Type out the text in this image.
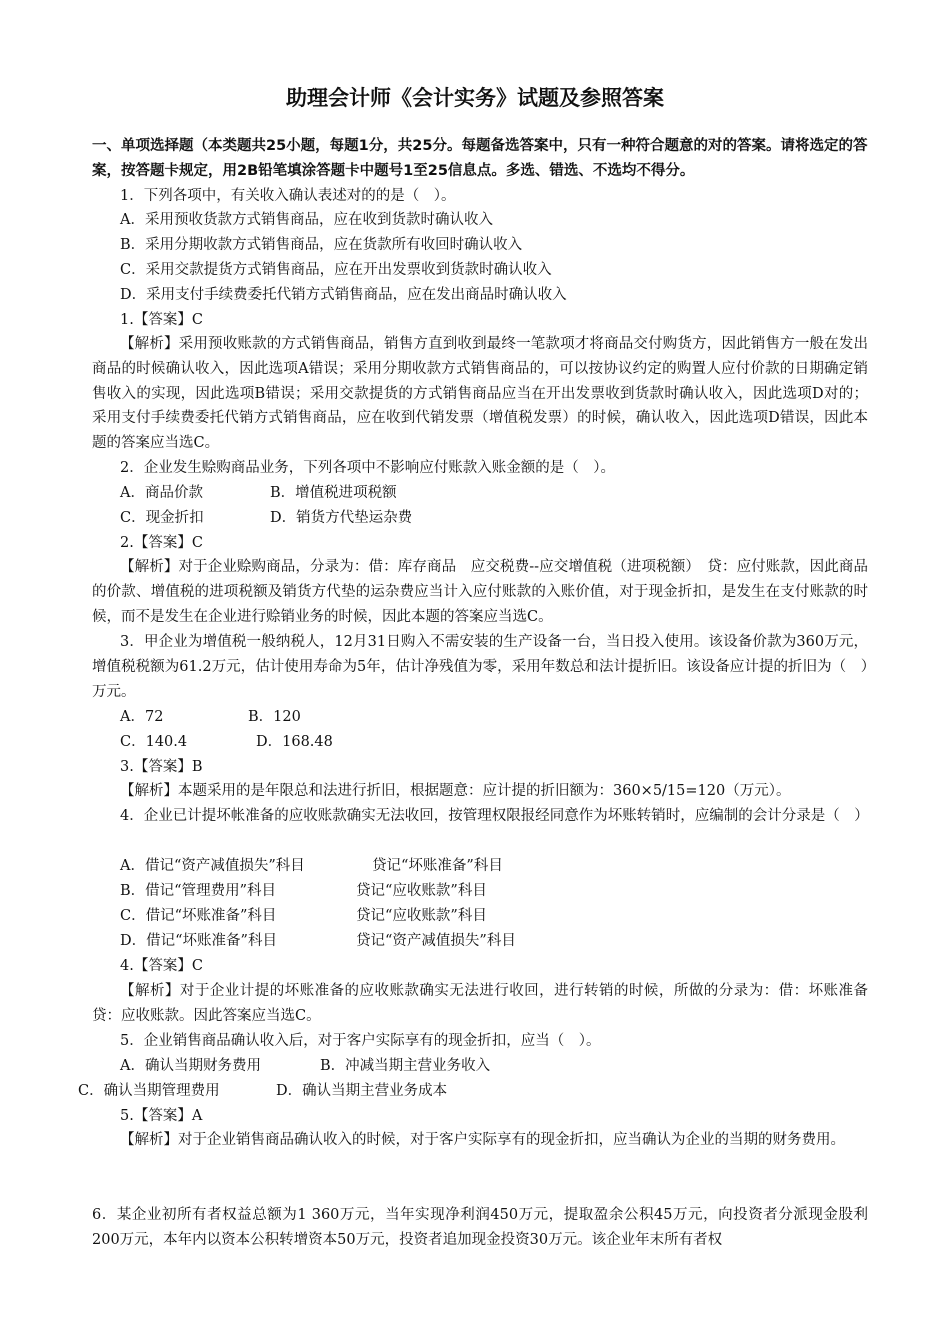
助理会计师《会计实务》试题及参照答案
一、单项选择题（本类题共25小题，每题1分，共25分。每题备选答案中，只有一种符合题意的对的答案。请将选定的答案，按答题卡规定，用2B铅笔填涂答题卡中题号1至25信息点。多选、错选、不选均不得分。
1．下列各项中，有关收入确认表述对的的是（　）。
A．采用预收货款方式销售商品，应在收到货款时确认收入
B．采用分期收款方式销售商品，应在货款所有收回时确认收入
C．采用交款提货方式销售商品，应在开出发票收到货款时确认收入
D．采用支付手续费委托代销方式销售商品，应在发出商品时确认收入
1.【答案】C
【解析】采用预收账款的方式销售商品，销售方直到收到最终一笔款项才将商品交付购货方，因此销售方一般在发出商品的时候确认收入，因此选项A错误；采用分期收款方式销售商品的，可以按协议约定的购置人应付价款的日期确定销售收入的实现，因此选项B错误；采用交款提货的方式销售商品应当在开出发票收到货款时确认收入，因此选项D对的；采用支付手续费委托代销方式销售商品，应在收到代销发票（增值税发票）的时候，确认收入，因此选项D错误，因此本题的答案应当选C。
2．企业发生赊购商品业务，下列各项中不影响应付账款入账金额的是（　）。
A．商品价款	B．增值税进项税额
C．现金折扣	D．销货方代垫运杂费
2.【答案】C
【解析】对于企业赊购商品，分录为：借：库存商品　应交税费--应交增值税（进项税额）　贷：应付账款，因此商品的价款、增值税的进项税额及销货方代垫的运杂费应当计入应付账款的入账价值，对于现金折扣，是发生在支付账款的时候，而不是发生在企业进行赊销业务的时候，因此本题的答案应当选C。
3．甲企业为增值税一般纳税人，12月31日购入不需安装的生产设备一台，当日投入使用。该设备价款为360万元，增值税税额为61.2万元，估计使用寿命为5年，估计净残值为零，采用年数总和法计提折旧。该设备应计提的折旧为（　）万元。
A．72	B．120
C．140.4	D．168.48
3.【答案】B
【解析】本题采用的是年限总和法进行折旧，根据题意：应计提的折旧额为：360×5/15=120（万元）。
4．企业已计提坏帐准备的应收账款确实无法收回，按管理权限报经同意作为坏账转销时，应编制的会计分录是（　）
A．借记“资产减值损失”科目	贷记“坏账准备”科目
B．借记“管理费用”科目	贷记“应收账款”科目
C．借记“坏账准备”科目	贷记“应收账款”科目
D．借记“坏账准备”科目	贷记“资产减值损失”科目
4.【答案】C
【解析】对于企业计提的坏账准备的应收账款确实无法进行收回，进行转销的时候，所做的分录为：借：坏账准备 贷：应收账款。因此答案应当选C。
5．企业销售商品确认收入后，对于客户实际享有的现金折扣，应当（　）。
A．确认当期财务费用	B．冲减当期主营业务收入
C．确认当期管理费用	D．确认当期主营业务成本
5.【答案】A
【解析】对于企业销售商品确认收入的时候，对于客户实际享有的现金折扣，应当确认为企业的当期的财务费用。
6．某企业初所有者权益总额为1 360万元，当年实现净利润450万元，提取盈余公积45万元，向投资者分派现金股利200万元，本年内以资本公积转增资本50万元，投资者追加现金投资30万元。该企业年末所有者权
